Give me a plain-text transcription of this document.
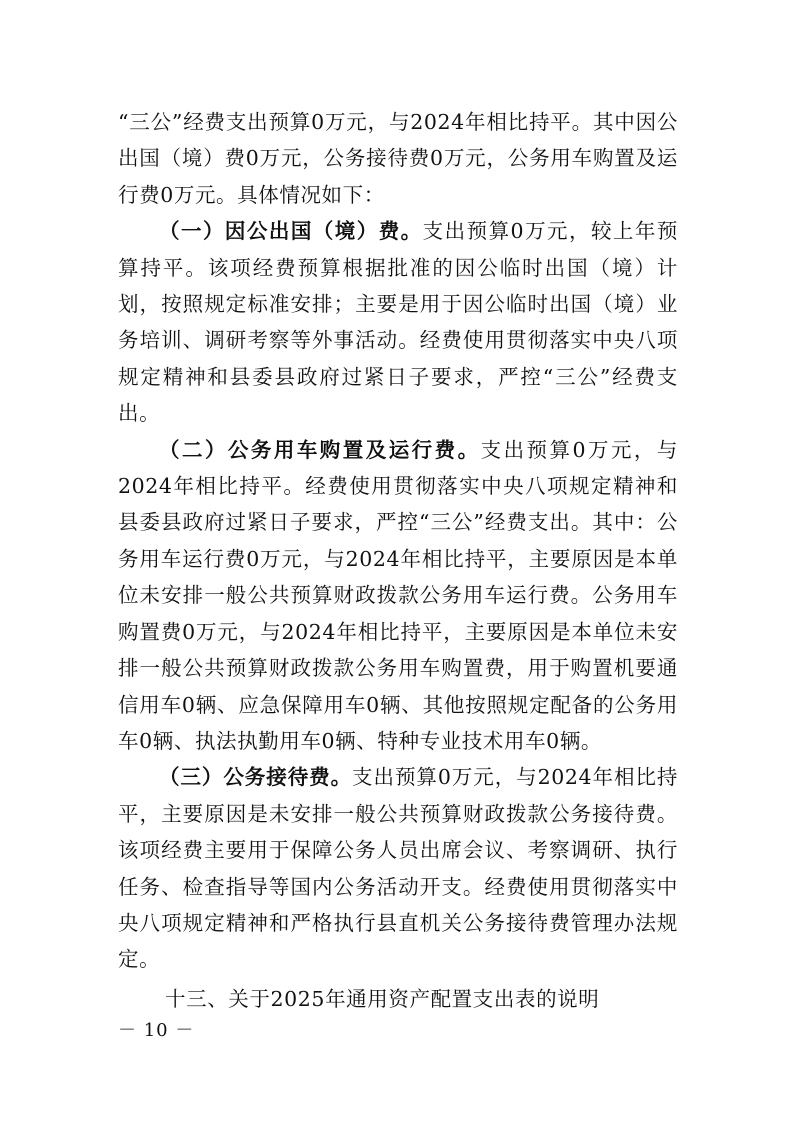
“三公”经费支出预算0万元，与2024年相比持平。其中因公出国（境）费0万元，公务接待费0万元，公务用车购置及运行费0万元。具体情况如下：

（一）因公出国（境）费。支出预算0万元，较上年预算持平。该项经费预算根据批准的因公临时出国（境）计划，按照规定标准安排；主要是用于因公临时出国（境）业务培训、调研考察等外事活动。经费使用贯彻落实中央八项规定精神和县委县政府过紧日子要求，严控“三公”经费支出。

（二）公务用车购置及运行费。支出预算0万元，与2024年相比持平。经费使用贯彻落实中央八项规定精神和县委县政府过紧日子要求，严控“三公”经费支出。其中：公务用车运行费0万元，与2024年相比持平，主要原因是本单位未安排一般公共预算财政拨款公务用车运行费。公务用车购置费0万元，与2024年相比持平，主要原因是本单位未安排一般公共预算财政拨款公务用车购置费，用于购置机要通信用车0辆、应急保障用车0辆、其他按照规定配备的公务用车0辆、执法执勤用车0辆、特种专业技术用车0辆。

（三）公务接待费。支出预算0万元，与2024年相比持平，主要原因是未安排一般公共预算财政拨款公务接待费。该项经费主要用于保障公务人员出席会议、考察调研、执行任务、检查指导等国内公务活动开支。经费使用贯彻落实中央八项规定精神和严格执行县直机关公务接待费管理办法规定。

十三、关于2025年通用资产配置支出表的说明
－ 10 －
